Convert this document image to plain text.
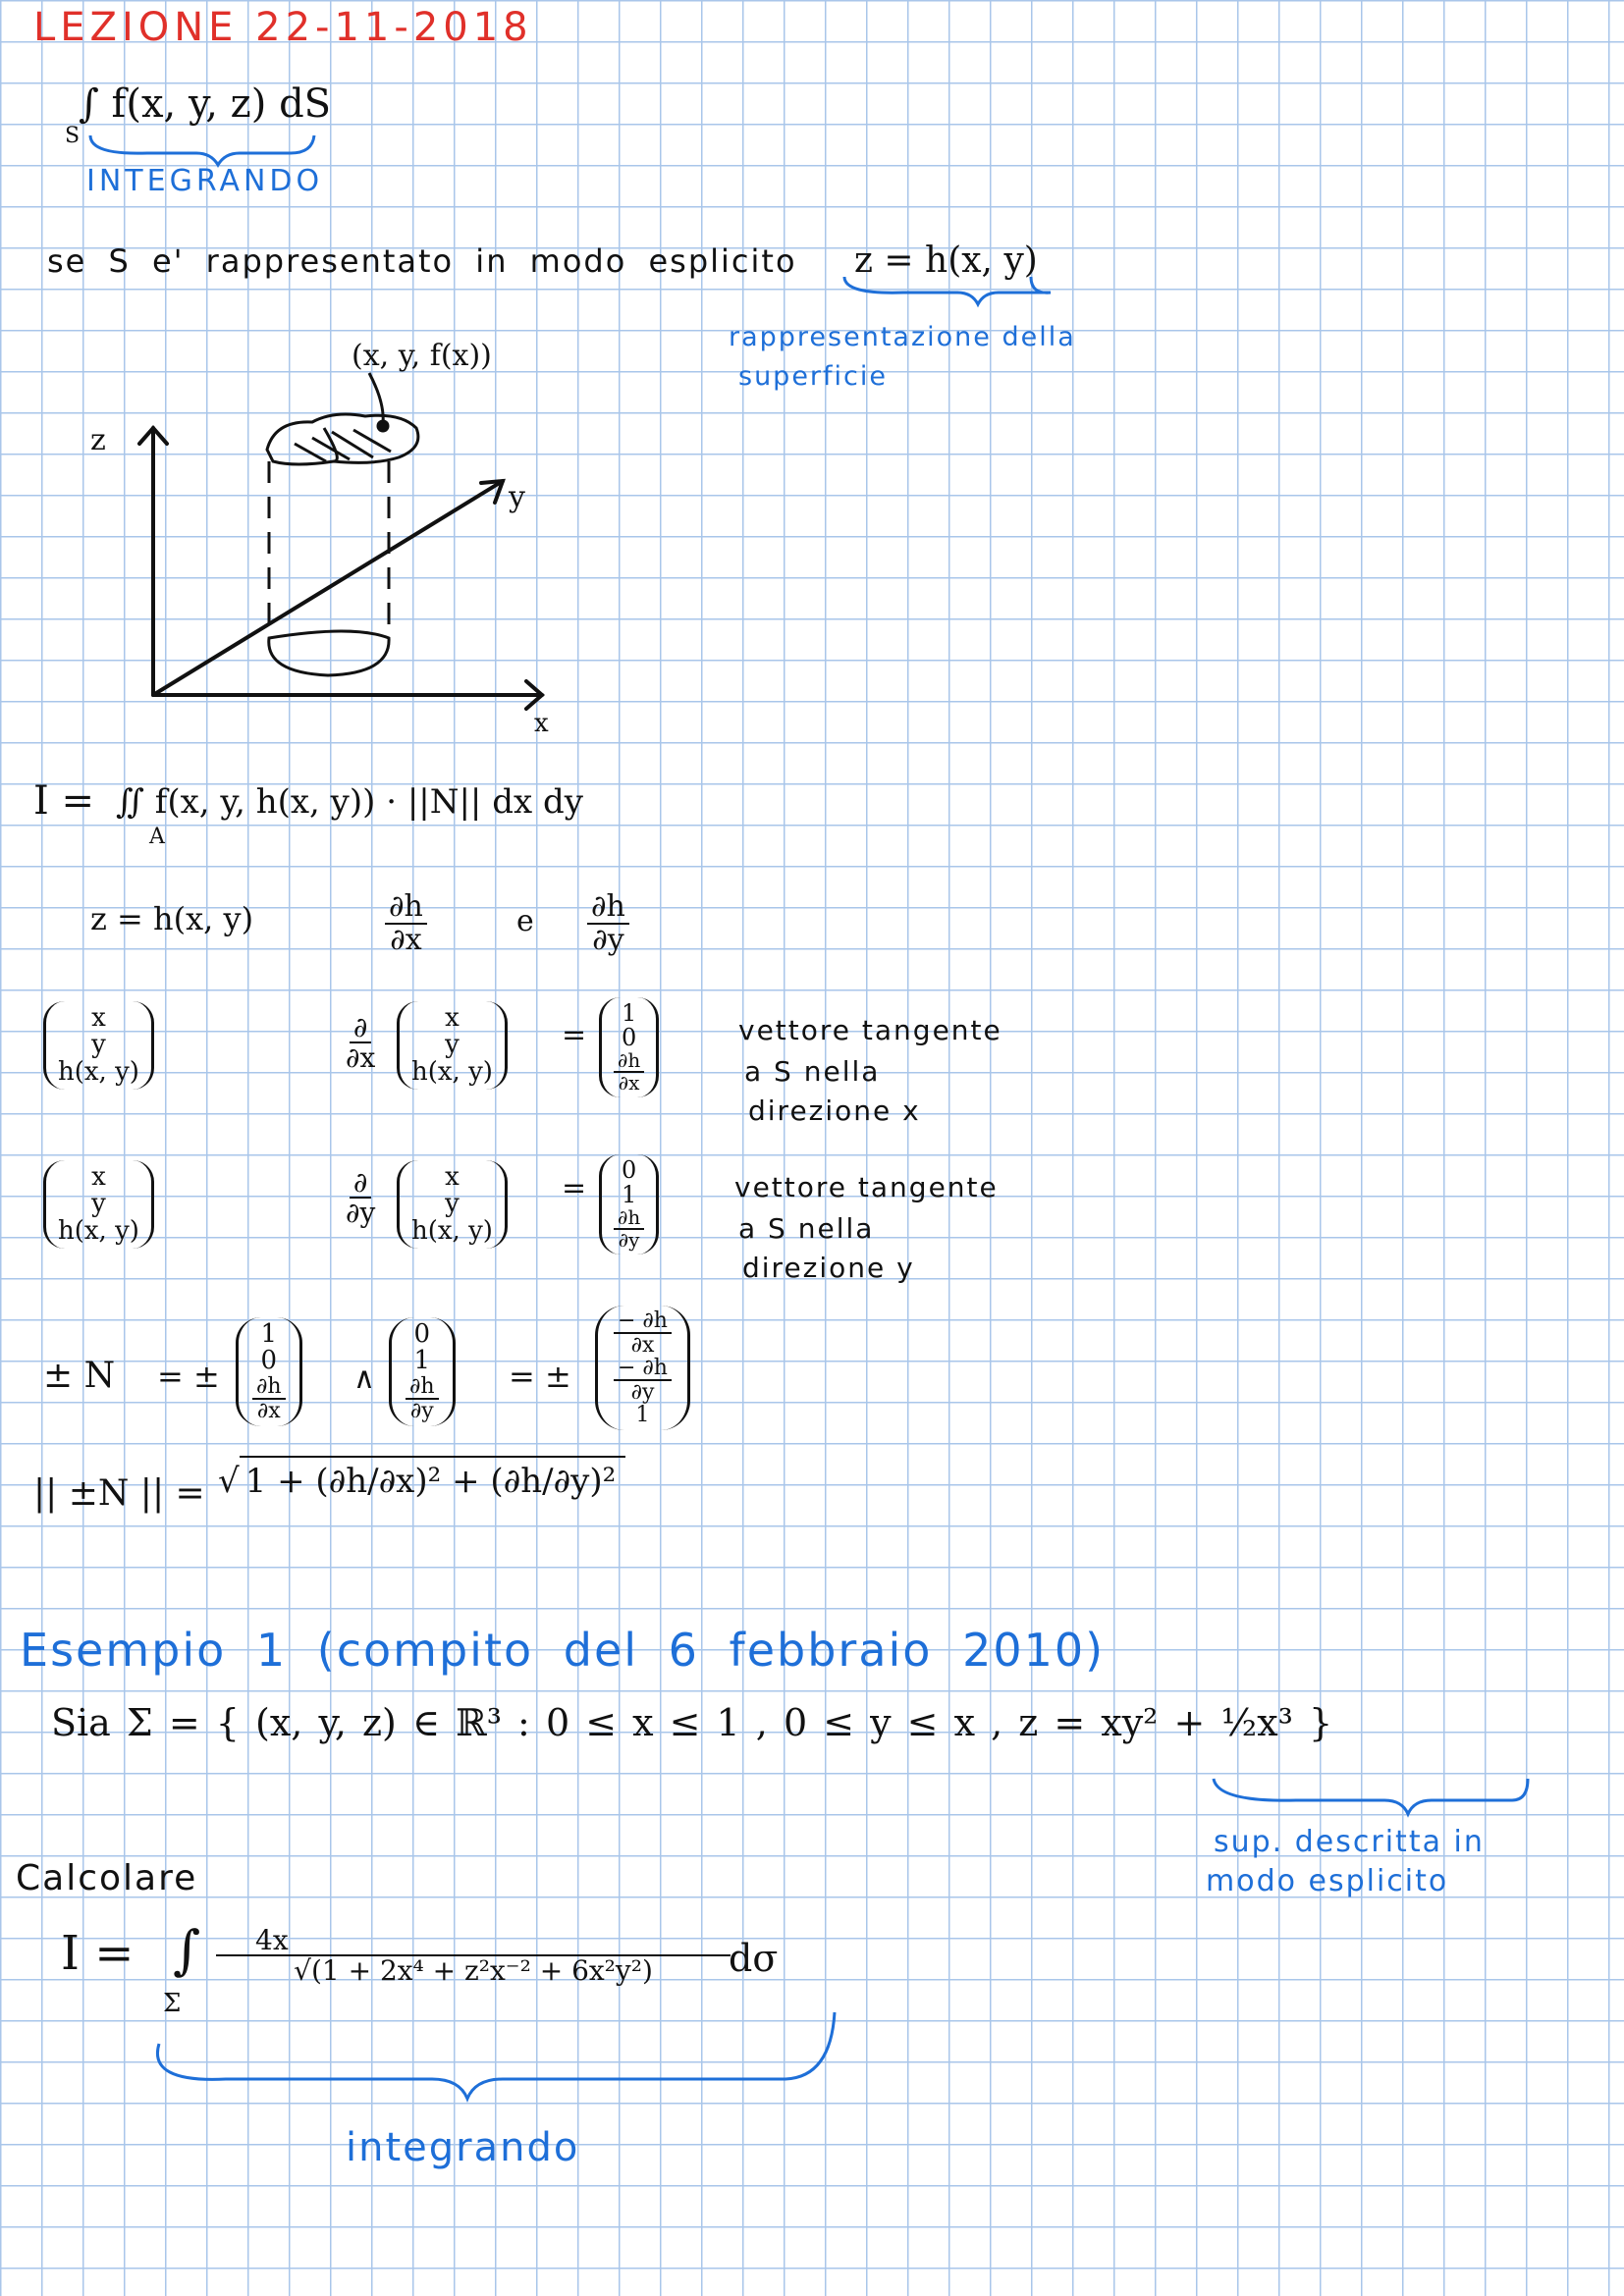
LEZIONE 22-11-2018
∫ f(x, y, z) dS
S
INTEGRANDO
se S e' rappresentato in modo esplicito z = h(x, y)
rappresentazione della
superficie
(x, y, f(x))
z
y
x
I = ∬ f(x, y, h(x, y)) · ||N|| dx dy
A
z = h(x, y)	$\frac{\partial h}{\partial x}$	e $\frac{\partial h}{\partial y}$
x
y
h(x, y)	$\frac{\partial}{\partial x}$	x
y
h(x, y)
=
1
0
$\frac{\partial h}{\partial x}$
vettore tangente
a S nella
direzione x
x
y
h(x, y)
$\frac{\partial}{\partial y}$	x
y
h(x, y)
=
0
1
$\frac{\partial h}{\partial y}$
vettore tangente
a S nella
direzione y
± N = ±
1
0
$\frac{\partial h}{\partial x}$ ∧
0
1
$\frac{\partial h}{\partial y}$ = ±
$\frac{- \partial h}{\partial x}$
$\frac{- \partial h}{\partial y}$
1
|| ±N || = √ 1 + (∂h/∂x)² + (∂h/∂y)²
Esempio 1 (compito del 6 febbraio 2010)
Sia Σ = { (x, y, z) ∈ ℝ³ : 0 ≤ x ≤ 1 , 0 ≤ y ≤ x , z = xy² + ½x³ }
sup. descritta in
modo esplicito
Calcolare
I = ∫
Σ
$\frac{4x}{\text{√(1 + 2x⁴ + z²x⁻² + 6x²y²)}}$
dσ
integrando
